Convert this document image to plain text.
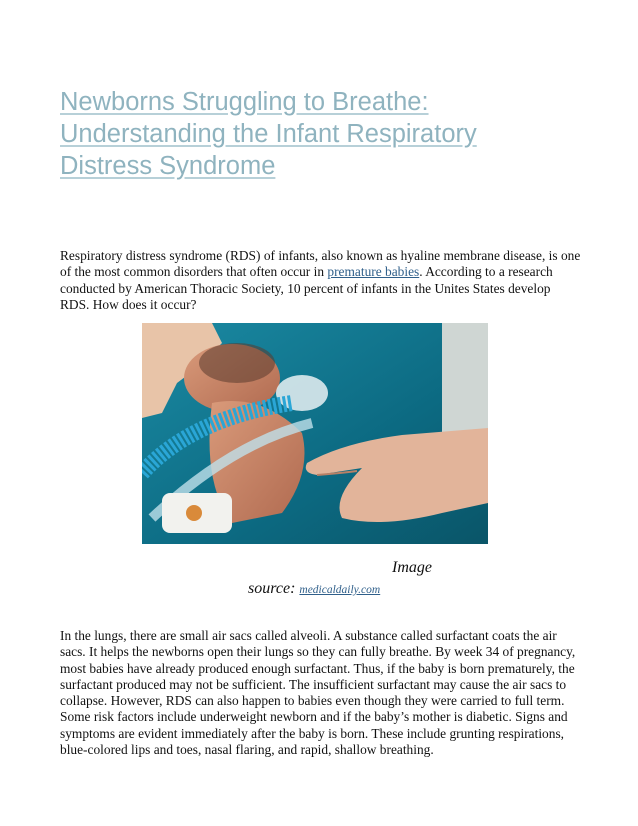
Newborns Struggling to Breathe: Understanding the Infant Respiratory Distress Syndrome

Respiratory distress syndrome (RDS) of infants, also known as hyaline membrane disease, is one of the most common disorders that often occur in premature babies. According to a research conducted by American Thoracic Society, 10 percent of infants in the Unites States develop RDS. How does it occur?

Image
source: medicaldaily.com

In the lungs, there are small air sacs called alveoli. A substance called surfactant coats the air sacs. It helps the newborns open their lungs so they can fully breathe. By week 34 of pregnancy, most babies have already produced enough surfactant. Thus, if the baby is born prematurely, the surfactant produced may not be sufficient. The insufficient surfactant may cause the air sacs to collapse. However, RDS can also happen to babies even though they were carried to full term. Some risk factors include underweight newborn and if the baby’s mother is diabetic. Signs and symptoms are evident immediately after the baby is born. These include grunting respirations, blue-colored lips and toes, nasal flaring, and rapid, shallow breathing.
